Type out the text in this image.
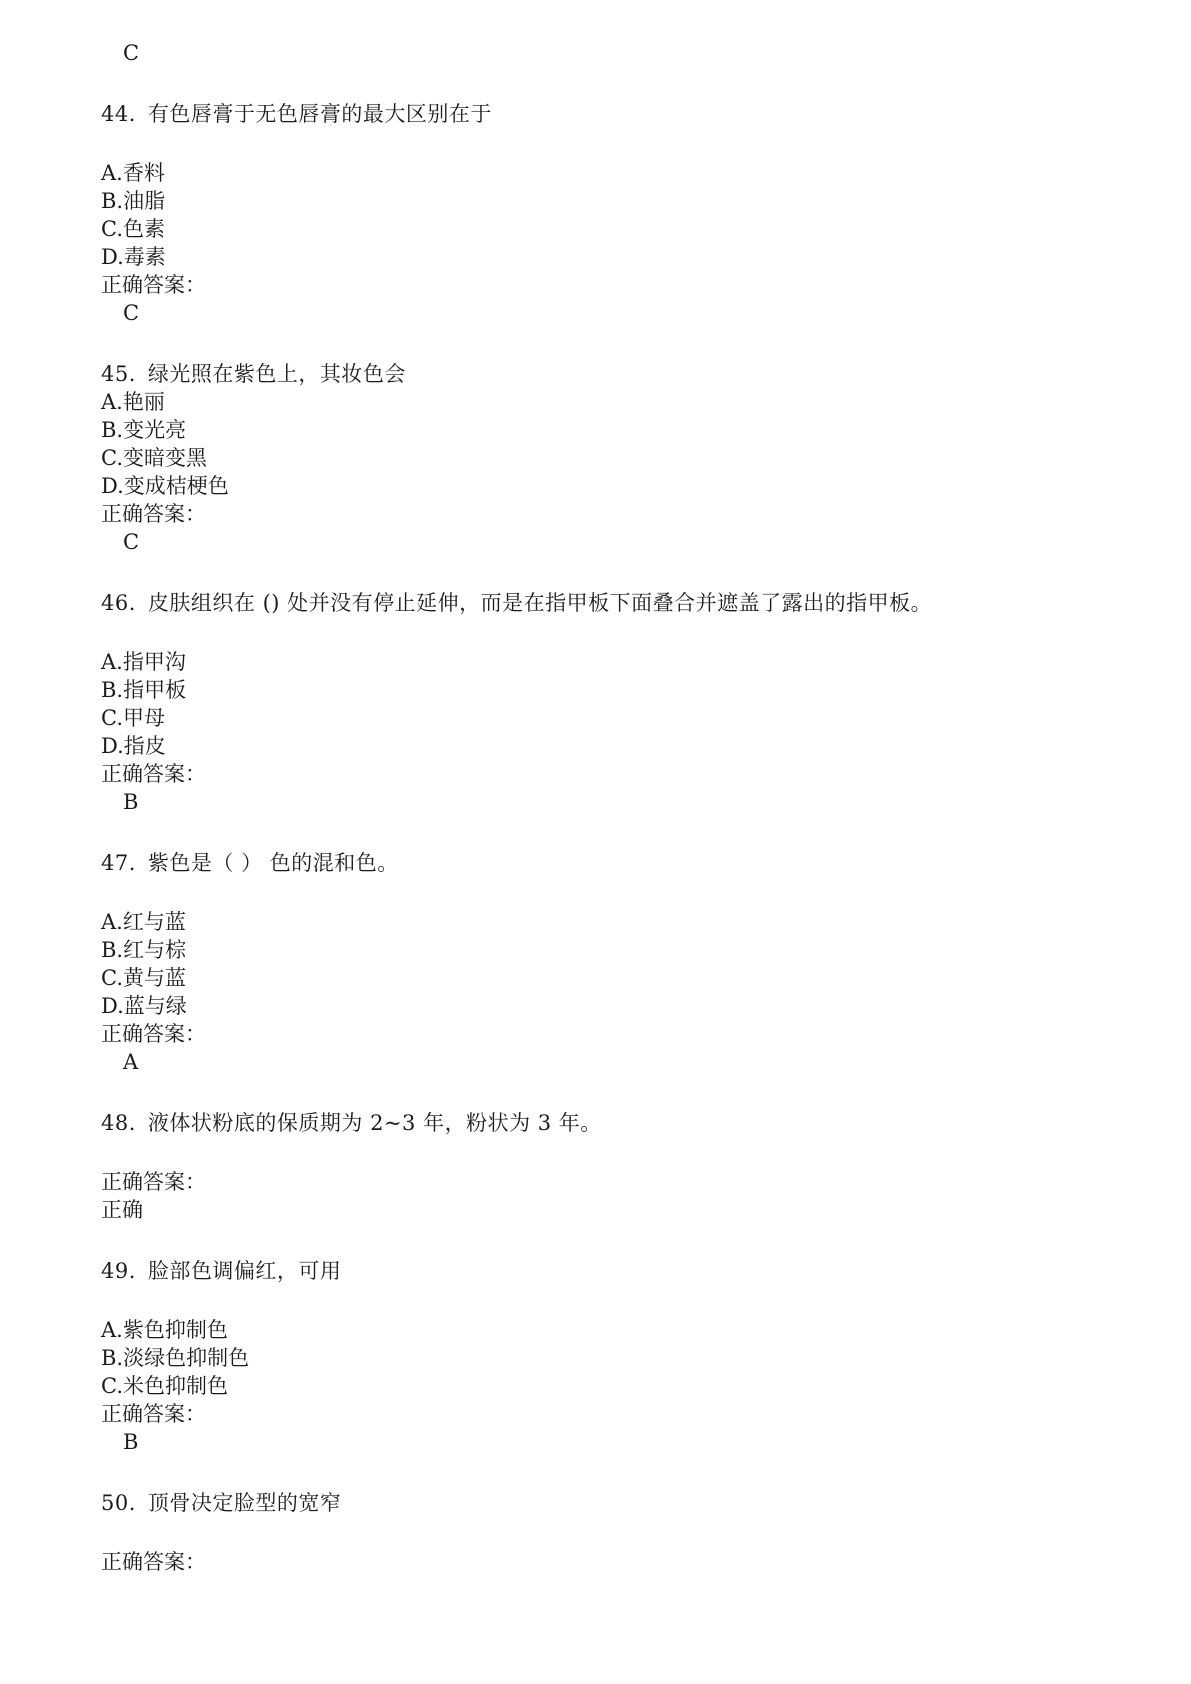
C
44. 有色唇膏于无色唇膏的最大区别在于
A.香料
B.油脂
C.色素
D.毒素
正确答案：
C
45. 绿光照在紫色上，其妆色会
A.艳丽
B.变光亮
C.变暗变黑
D.变成桔梗色
正确答案：
C
46. 皮肤组织在 () 处并没有停止延伸，而是在指甲板下面叠合并遮盖了露出的指甲板。
A.指甲沟
B.指甲板
C.甲母
D.指皮
正确答案：
B
47. 紫色是（ ） 色的混和色。
A.红与蓝
B.红与棕
C.黄与蓝
D.蓝与绿
正确答案：
A
48. 液体状粉底的保质期为 2~3 年，粉状为 3 年。
正确答案：
正确
49. 脸部色调偏红，可用
A.紫色抑制色
B.淡绿色抑制色
C.米色抑制色
正确答案：
B
50. 顶骨决定脸型的宽窄
正确答案：
